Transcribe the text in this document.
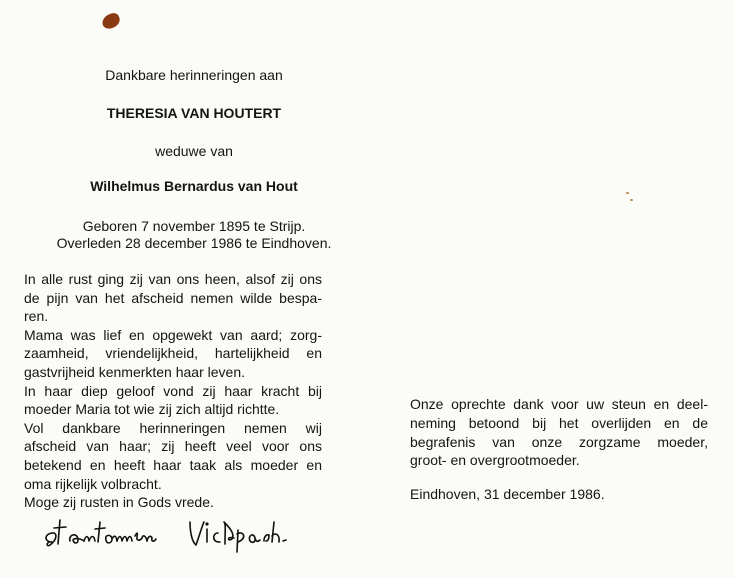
Dankbare herinneringen aan
THERESIA VAN HOUTERT
weduwe van
Wilhelmus Bernardus van Hout
Geboren 7 november 1895 te Strijp.
Overleden 28 december 1986 te Eindhoven.
In alle rust ging zij van ons heen, alsof zij ons
de pijn van het afscheid nemen wilde bespa-
ren.
Mama was lief en opgewekt van aard; zorg-
zaamheid, vriendelijkheid, hartelijkheid en
gastvrijheid kenmerkten haar leven.
In haar diep geloof vond zij haar kracht bij
moeder Maria tot wie zij zich altijd richtte.
Vol dankbare herinneringen nemen wij
afscheid van haar; zij heeft veel voor ons
betekend en heeft haar taak als moeder en
oma rijkelijk volbracht.
Moge zij rusten in Gods vrede.
Onze oprechte dank voor uw steun en deel-
neming betoond bij het overlijden en de
begrafenis van onze zorgzame moeder,
groot- en overgrootmoeder.
Eindhoven, 31 december 1986.
